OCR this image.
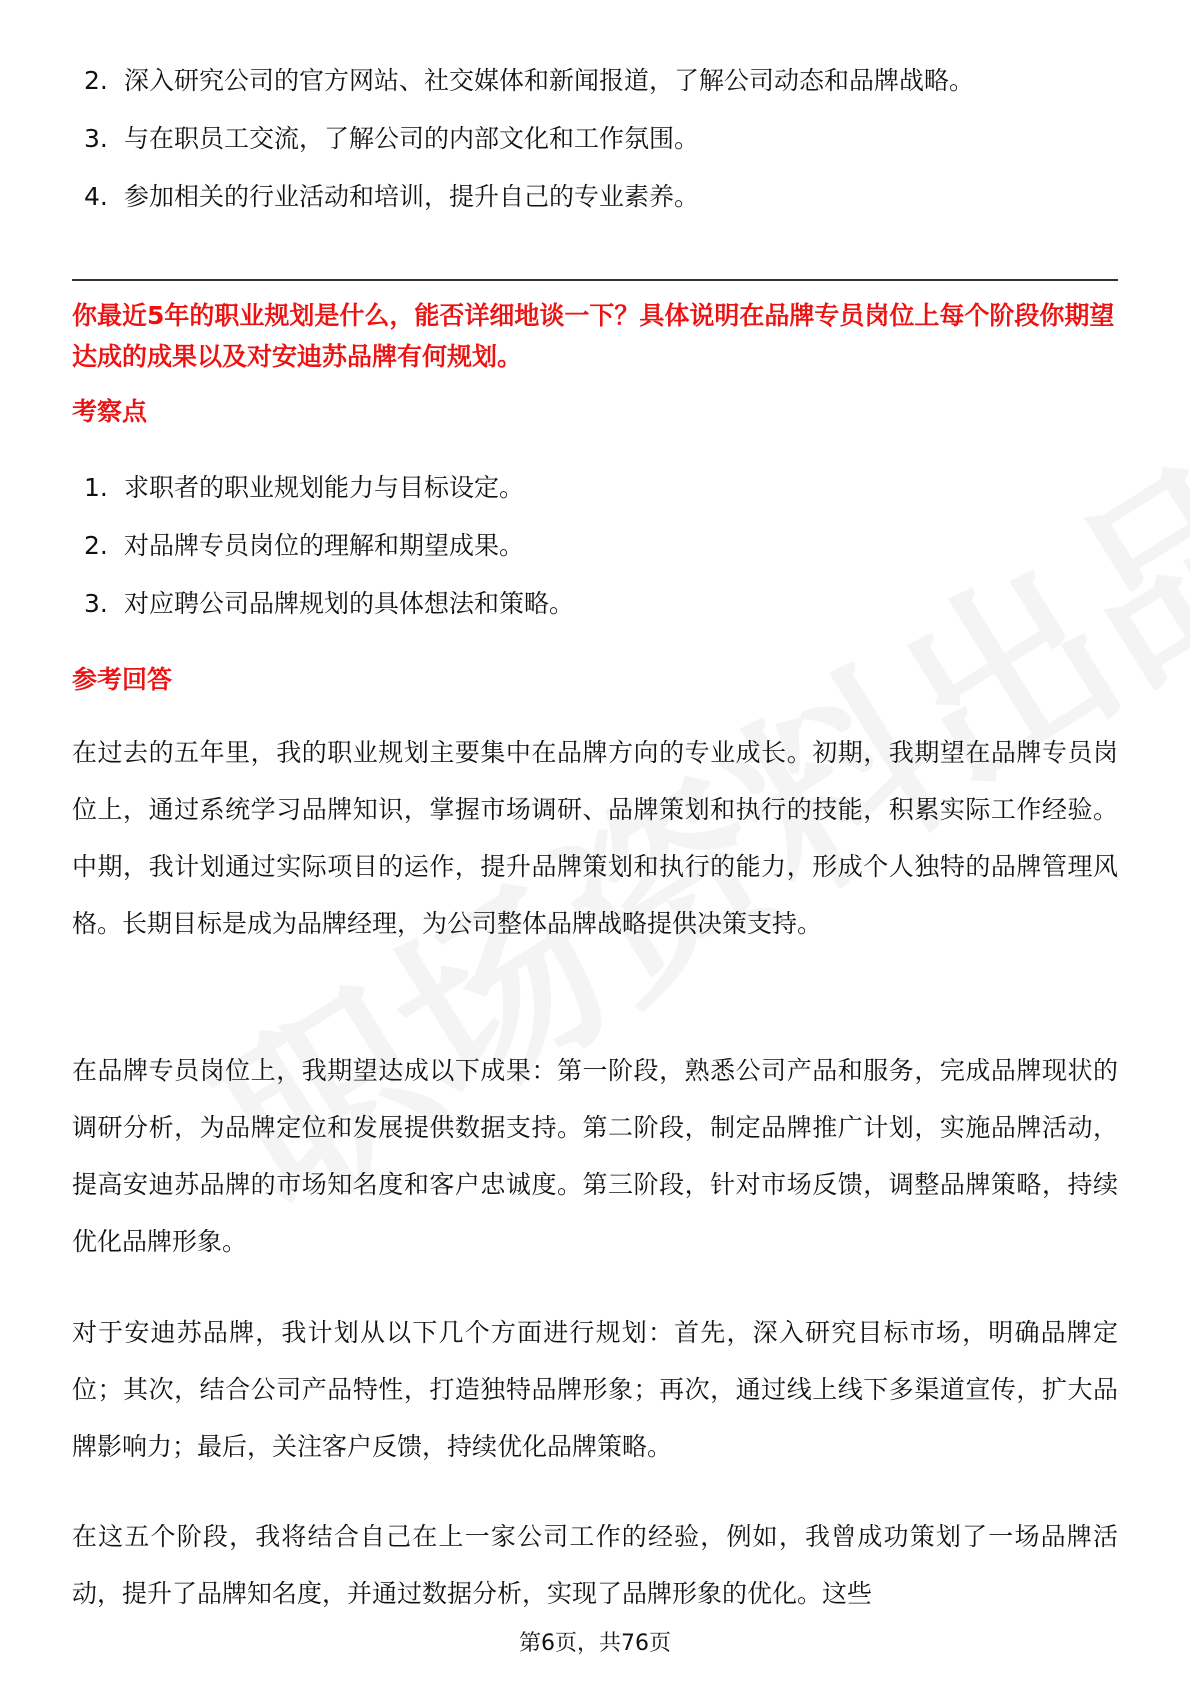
2. 深入研究公司的官方网站、社交媒体和新闻报道，了解公司动态和品牌战略。
3. 与在职员工交流，了解公司的内部文化和工作氛围。
4. 参加相关的行业活动和培训，提升自己的专业素养。
你最近5年的职业规划是什么，能否详细地谈一下？具体说明在品牌专员岗位上每个阶段你期望达成的成果以及对安迪苏品牌有何规划。
考察点
1. 求职者的职业规划能力与目标设定。
2. 对品牌专员岗位的理解和期望成果。
3. 对应聘公司品牌规划的具体想法和策略。
参考回答

在过去的五年里，我的职业规划主要集中在品牌方向的专业成长。初期，我期望在品牌专员岗位上，通过系统学习品牌知识，掌握市场调研、品牌策划和执行的技能，积累实际工作经验。中期，我计划通过实际项目的运作，提升品牌策划和执行的能力，形成个人独特的品牌管理风格。长期目标是成为品牌经理，为公司整体品牌战略提供决策支持。

在品牌专员岗位上，我期望达成以下成果：第一阶段，熟悉公司产品和服务，完成品牌现状的调研分析，为品牌定位和发展提供数据支持。第二阶段，制定品牌推广计划，实施品牌活动，提高安迪苏品牌的市场知名度和客户忠诚度。第三阶段，针对市场反馈，调整品牌策略，持续优化品牌形象。

对于安迪苏品牌，我计划从以下几个方面进行规划：首先，深入研究目标市场，明确品牌定位；其次，结合公司产品特性，打造独特品牌形象；再次，通过线上线下多渠道宣传，扩大品牌影响力；最后，关注客户反馈，持续优化品牌策略。

在这五个阶段，我将结合自己在上一家公司工作的经验，例如，我曾成功策划了一场品牌活动，提升了品牌知名度，并通过数据分析，实现了品牌形象的优化。这些

第6页，共76页
